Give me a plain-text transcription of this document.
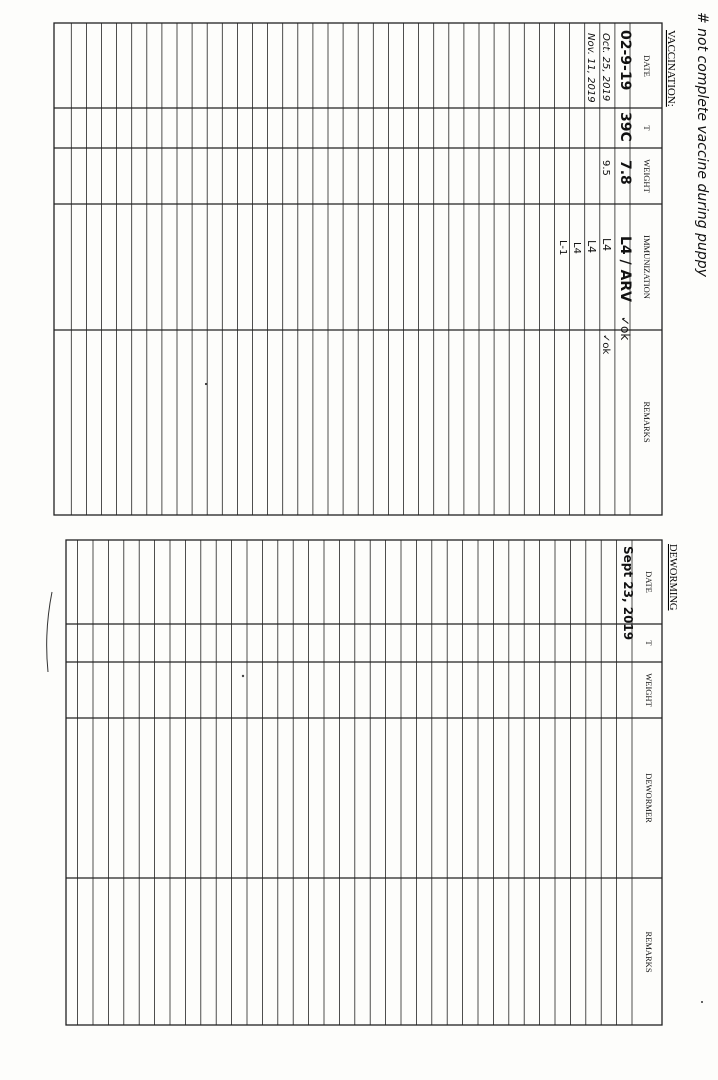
VACCINATION:
DATE
T
WEIGHT
IMMUNIZATION
REMARKS
02-9-19
39C
7.8
L4 / ARV
✓ok
Oct. 25, 2019
9.5
L4
✓ok
Nov. 11, 2019
L4
L4
L-1	# not complete vaccine during puppy
DEWORMING
DATE
T
WEIGHT
DEWORMER
REMARKS
Sept 23, 2019
